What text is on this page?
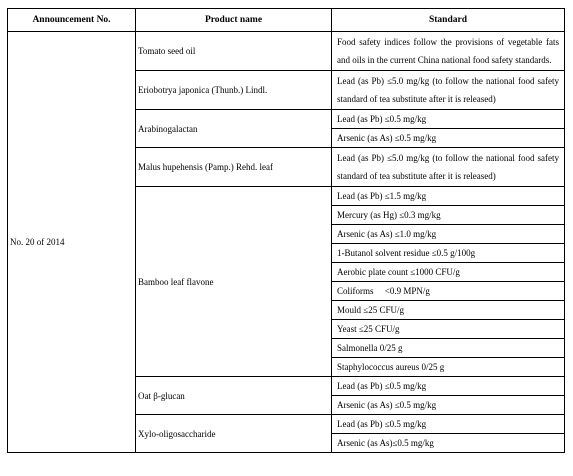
Announcement No.	Product name	Standard
No. 20 of 2014	Tomato seed oil	Food safety indices follow the provisions of vegetable fats and oils in the current China national food safety standards.
	Eriobotrya japonica (Thunb.) Lindl.	Lead (as Pb) ≤5.0 mg/kg (to follow the national food safety standard of tea substitute after it is released)
	Arabinogalactan	Lead (as Pb) ≤0.5 mg/kg
		Arsenic (as As) ≤0.5 mg/kg
	Malus hupehensis (Pamp.) Rehd. leaf	Lead (as Pb) ≤5.0 mg/kg (to follow the national food safety standard of tea substitute after it is released)
	Bamboo leaf flavone	Lead (as Pb) ≤1.5 mg/kg
		Mercury (as Hg) ≤0.3 mg/kg
		Arsenic (as As) ≤1.0 mg/kg
		1-Butanol solvent residue ≤0.5 g/100g
		Aerobic plate count ≤1000 CFU/g
		Coliforms 　<0.9 MPN/g
		Mould ≤25 CFU/g
		Yeast ≤25 CFU/g
		Salmonella 0/25 g
		Staphylococcus aureus 0/25 g
	Oat β-glucan	Lead (as Pb) ≤0.5 mg/kg
		Arsenic (as As) ≤0.5 mg/kg
	Xylo-oligosaccharide	Lead (as Pb) ≤0.5 mg/kg
		Arsenic (as As)≤0.5 mg/kg
